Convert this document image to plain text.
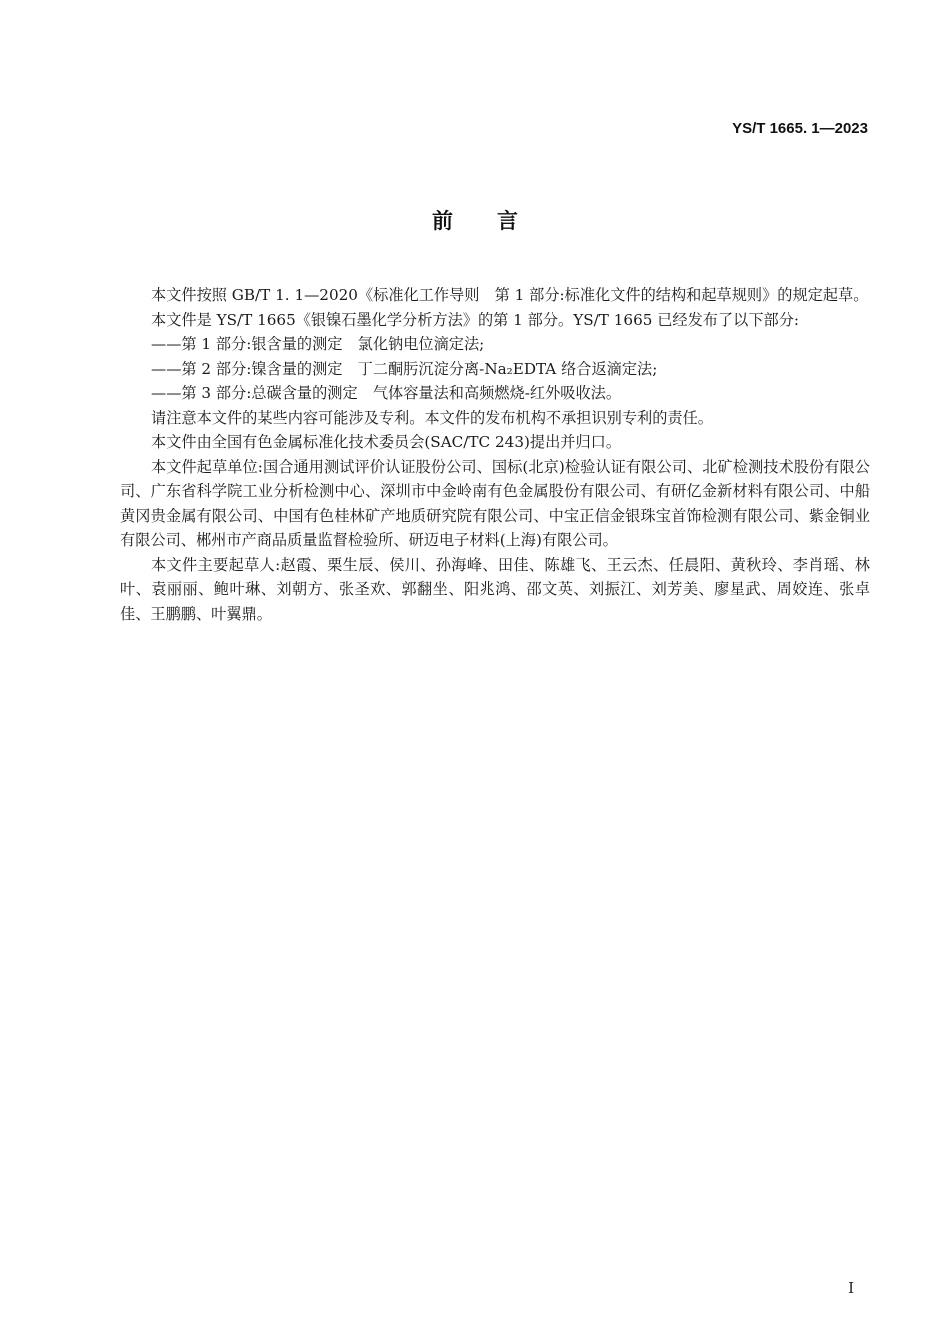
YS/T 1665. 1—2023
前言

本文件按照 GB/T 1. 1—2020《标准化工作导则　第 1 部分:标准化文件的结构和起草规则》的规定起草。

本文件是 YS/T 1665《银镍石墨化学分析方法》的第 1 部分。YS/T 1665 已经发布了以下部分:

——第 1 部分:银含量的测定　氯化钠电位滴定法;

——第 2 部分:镍含量的测定　丁二酮肟沉淀分离-Na₂EDTA 络合返滴定法;

——第 3 部分:总碳含量的测定　气体容量法和高频燃烧-红外吸收法。

请注意本文件的某些内容可能涉及专利。本文件的发布机构不承担识别专利的责任。

本文件由全国有色金属标准化技术委员会(SAC/TC 243)提出并归口。

本文件起草单位:国合通用测试评价认证股份公司、国标(北京)检验认证有限公司、北矿检测技术股份有限公司、广东省科学院工业分析检测中心、深圳市中金岭南有色金属股份有限公司、有研亿金新材料有限公司、中船黄冈贵金属有限公司、中国有色桂林矿产地质研究院有限公司、中宝正信金银珠宝首饰检测有限公司、紫金铜业有限公司、郴州市产商品质量监督检验所、研迈电子材料(上海)有限公司。

本文件主要起草人:赵霞、栗生辰、侯川、孙海峰、田佳、陈雄飞、王云杰、任晨阳、黄秋玲、李肖瑶、林叶、袁丽丽、鲍叶琳、刘朝方、张圣欢、郭翻坐、阳兆鸿、邵文英、刘振江、刘芳美、廖星武、周姣连、张卓佳、王鹏鹏、叶翼鼎。

I
